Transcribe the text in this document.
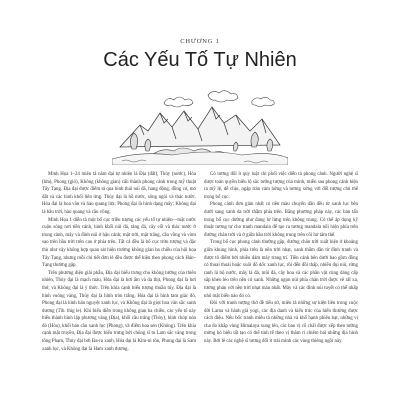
CHƯƠNG 1
Các Yếu Tố Tự Nhiên

Minh Họa 1–24 miêu tả năm đại tự nhiên là Địa (đất), Thủy (nước), Hỏa (lửa), Phong (gió), Không (không gian) cấu thành phong cảnh trong mỹ thuật Tây Tạng. Địa đại được điểm tả qua hình thái núi đá, hang động, đồng cỏ, mỏ đất và các hình khối liên ứng. Thủy đại là hồ nước, sông ngòi và thác nước. Hỏa đại là hoa văn và hào quang lửa; Phong đại là hình dạng mây; Không đại là bầu trời, hào quang và cầu vồng.

Minh Họa 1 diễn tả một bố cục triều tượng các yếu tố tự nhiên—mặt nước cuộn sóng nơi tiền cảnh, hình khối núi đá, tảng đá, cây cối và thác nước ở trung cảnh, mây và đỉnh núi ở hậu cảnh; mặt trời, mặt trăng, cầu vồng và vòm sao trên bầu trời trên cao ở phía trên. Tất cả đều là bố cục trừu tượng và đặc thù như vậy không hợp quan sát hiện trường không gian ba chiều của hội họa Tây Tạng, nhưng mỗi chi tiết đơn lẻ đều được thể hiện theo phong cách Hán–Tạng thường gặp.

Trên phương diện giải phẫu, Địa đại biểu trưng cho không tướng của thiên nhiên, Thủy đại là mạch máu, Hỏa đại là hơi ấm và da thịt, Phong đại là hơi thở, và Không đại là ý thức. Trên khía cạnh biểu tượng thuần túy, Địa đại là hình vuông vàng, Thủy đại là hình tròn trắng, Hỏa đại là hình tam giác đỏ, Phong đại là hình bán nguyệt xanh lục, và Không đại là giọt hoa văn sắc xanh dương (Tib. thig le). Khi biểu diễn trong không gian ba chiều, các yếu tố này biểu thành hình lập phương vàng (Địa), khối cầu trắng (Thủy), hình chóp nón đỏ (Hỏa), khối bán cầu xanh lục (Phong), và điểm hoa sen (Không). Trên khía cạnh mặt truyền, Địa đại được biểu trưng bởi chúng sĩ tu Lam sắc vàng trong tông Phạm, Thủy đại bởi Đa-ra xanh, Hỏa đại là Kim-ni tôn, Phong đại là Sam xanh lục, và Không đại là Ham xanh dương.

Có tương đối ít quy luật chỉ phối việc diễn tả phong cảnh. Người nghệ sĩ được toàn quyền biểu lộ sắc tướng tượng của mình, miễn sao phong cảnh hiện ra mỹ lệ, dễ chịu, ngập tràn cảm hứng và tương xứng với đối tượng chủ thể trong bố cục.

Phong cảnh đơn giản nhất có nền màu chuyển dần đều từ xanh lục bên dưới sang xanh da trời thẫm phía trên. Bằng phương pháp này, các bản tấn trong bố cục dường như đang lơ lửng trên không trung. Cỏ thể áp dụng kỹ thuật tương tự cho tranh mandala để tạo ra tương mandala nổi hiện phía trên đường chân trời và ở giữa bầu trời không trung trên cõi hư tâm thế.

Trong bố cục phong cảnh thường gặp, đường chân trời xuất hiện ở khoảng giữa khung hình, phía trên là nền trời nhạt, xanh thẫm dần từ đỉnh tranh và được tô điểm bởi nhiều đám mây trang trí. Tiền cảnh bên dưới bao gồm đồng cỏ thoai thoải hoặc xuôi đổ dốc xanh lục, rồi đến đồi thấp, nhiều đụi núi, rừng ranh lá bộ nước, mây là đá, mũi đá, cây hoa và các phần vật cùng dáng cấp sắp khéo léo trên nền cỏ xanh. Những ngọn núi phía chân trời được vẽ rất xa, tương phản với nền trời nhạt màu nhất. Mây và các đỉnh núi tuyết có thể nhấp nhô mặt biển nào đó có.

Đôi với tranh tượng thờ đề tiểu sử, miêu tả những sự kiện liên trong cuộc đời Lama và hành giả yogi, các địa danh và kiến trúc của hiển thường được cách điệu. Nếu bốc tranh miêu tả những nhà và khổ hạnh phiêu bạt, những vị cha đo khắp vùng Himalaya xung lên, các bao vị cổ chấi được xếp theo tướng mờng hỏ biểu tất tạo có thể tinh tế theo vị thâm ri chiêm bái những địa hình này. Bởi lẽ các nghệ sĩ tương đối ít trải mình các vùng thiêng ngồi này.
